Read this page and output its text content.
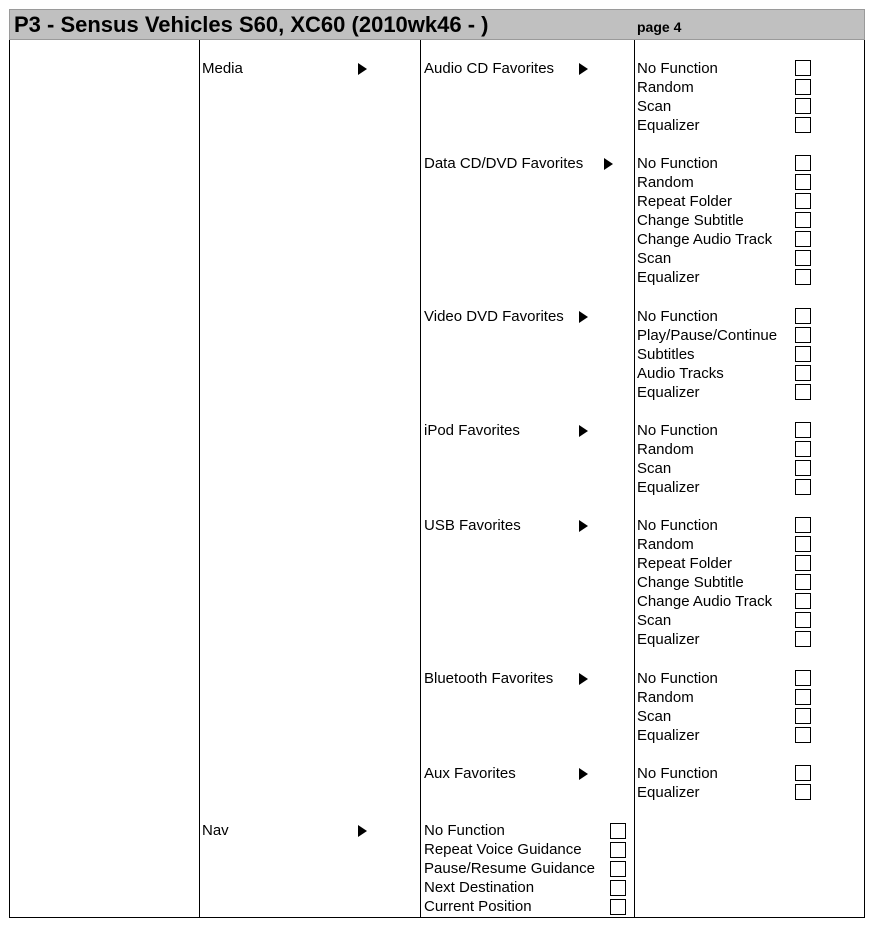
P3 - Sensus Vehicles S60, XC60 (2010wk46 - )	page 4
Media	Audio CD Favorites	No Function
Random
Scan
Equalizer
Data CD/DVD Favorites	No Function
Random
Repeat Folder
Change Subtitle
Change Audio Track
Scan
Equalizer
Video DVD Favorites	No Function
Play/Pause/Continue
Subtitles
Audio Tracks
Equalizer
iPod Favorites	No Function
Random
Scan
Equalizer
USB Favorites	No Function
Random
Repeat Folder
Change Subtitle
Change Audio Track
Scan
Equalizer
Bluetooth Favorites	No Function
Random
Scan
Equalizer
Aux Favorites	No Function
Equalizer
Nav	No Function
Repeat Voice Guidance
Pause/Resume Guidance
Next Destination
Current Position
